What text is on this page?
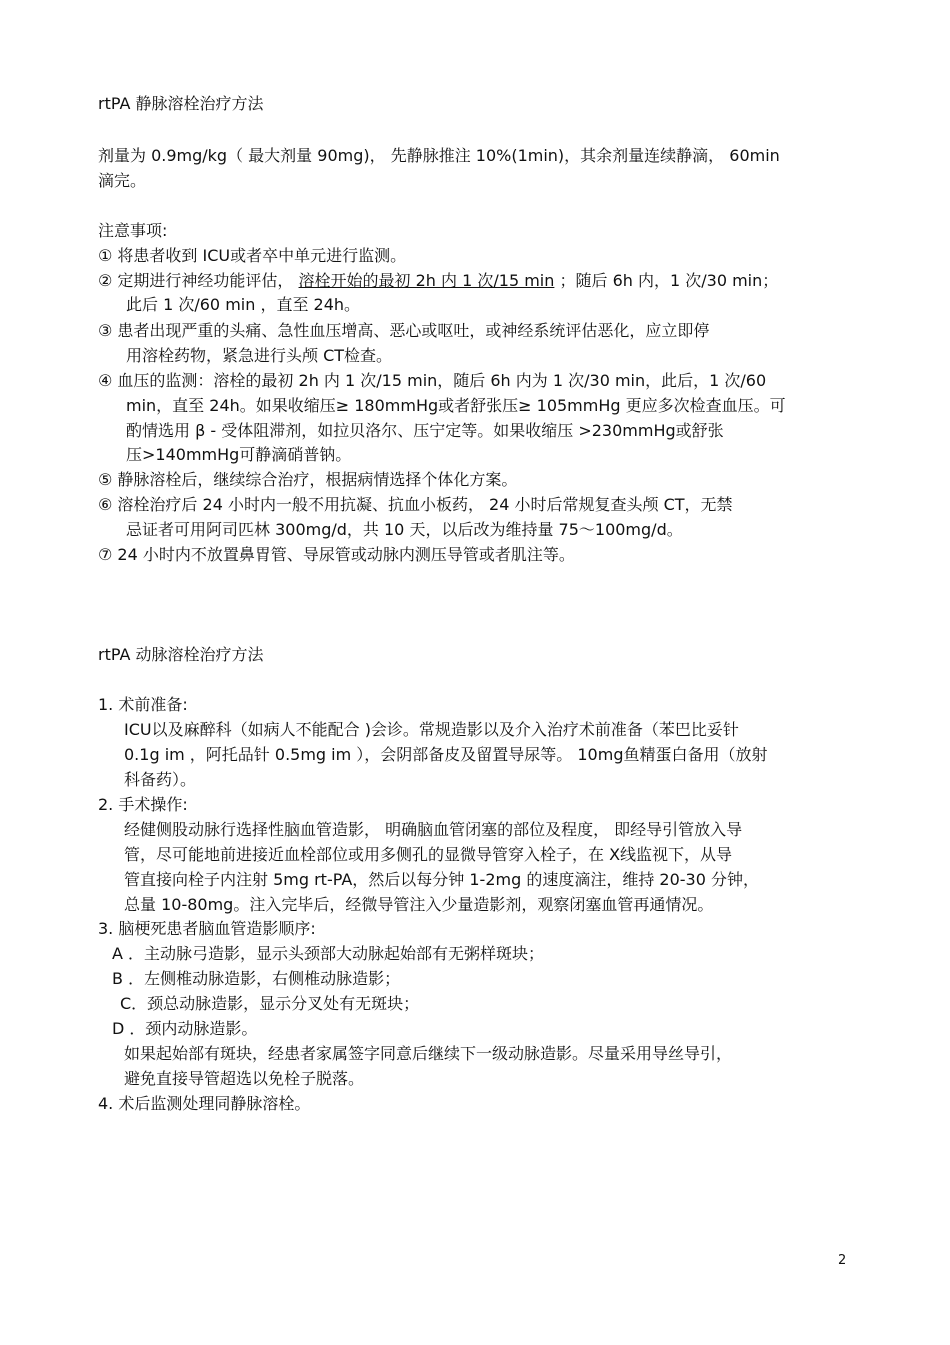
rtPA 静脉溶栓治疗方法
剂量为 0.9mg/kg（ 最大剂量 90mg)， 先静脉推注 10%(1min)，其余剂量连续静滴， 60min
滴完。
注意事项:
① 将患者收到 ICU或者卒中单元进行监测。
② 定期进行神经功能评估， 溶栓开始的最初 2h 内 1 次/15 min ；随后 6h 内，1 次/30 min；
此后 1 次/60 min ，直至 24h。
③ 患者出现严重的头痛、急性血压增高、恶心或呕吐，或神经系统评估恶化，应立即停
用溶栓药物，紧急进行头颅 CT检查。
④ 血压的监测：溶栓的最初 2h 内 1 次/15 min，随后 6h 内为 1 次/30 min，此后，1 次/60
min，直至 24h。如果收缩压≥ 180mmHg或者舒张压≥ 105mmHg 更应多次检查血压。可
酌情选用 β - 受体阻滞剂，如拉贝洛尔、压宁定等。如果收缩压 >230mmHg或舒张
压>140mmHg可静滴硝普钠。
⑤ 静脉溶栓后，继续综合治疗，根据病情选择个体化方案。
⑥ 溶栓治疗后 24 小时内一般不用抗凝、抗血小板药， 24 小时后常规复查头颅 CT，无禁
忌证者可用阿司匹林 300mg/d，共 10 天，以后改为维持量 75～100mg/d。
⑦ 24 小时内不放置鼻胃管、导尿管或动脉内测压导管或者肌注等。
rtPA 动脉溶栓治疗方法
1. 术前准备:
ICU以及麻醉科（如病人不能配合 )会诊。常规造影以及介入治疗术前准备（苯巴比妥针
0.1g im ，阿托品针 0.5mg im ），会阴部备皮及留置导尿等。 10mg鱼精蛋白备用（放射
科备药）。
2. 手术操作:
经健侧股动脉行选择性脑血管造影， 明确脑血管闭塞的部位及程度， 即经导引管放入导
管，尽可能地前进接近血栓部位或用多侧孔的显微导管穿入栓子，在 X线监视下，从导
管直接向栓子内注射 5mg rt-PA，然后以每分钟 1-2mg 的速度滴注，维持 20-30 分钟，
总量 10-80mg。注入完毕后，经微导管注入少量造影剂，观察闭塞血管再通情况。
3. 脑梗死患者脑血管造影顺序:
A ．主动脉弓造影，显示头颈部大动脉起始部有无粥样斑块；
B ．左侧椎动脉造影，右侧椎动脉造影；
C．颈总动脉造影，显示分叉处有无斑块；
D ．颈内动脉造影。
如果起始部有斑块，经患者家属签字同意后继续下一级动脉造影。尽量采用导丝导引，
避免直接导管超选以免栓子脱落。
4. 术后监测处理同静脉溶栓。
2
